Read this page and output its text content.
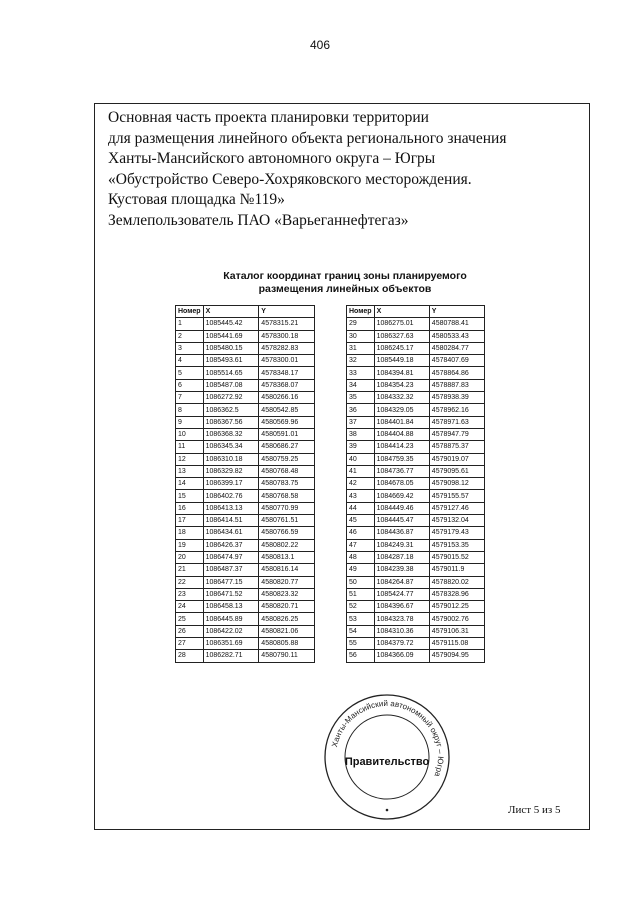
406
Основная часть проекта планировки территории
для размещения линейного объекта регионального значения
Ханты-Мансийского автономного округа – Югры
«Обустройство Северо-Хохряковского месторождения.
Кустовая площадка №119»
Землепользователь ПАО «Варьеганнефтегаз»
Каталог координат границ зоны планируемого
размещения линейных объектов
Номер	X	Y
1	1085445.42	4578315.21
2	1085441.69	4578300.18
3	1085480.15	4578282.83
4	1085493.61	4578300.01
5	1085514.65	4578348.17
6	1085487.08	4578368.07
7	1086272.92	4580266.16
8	1086362.5	4580542.85
9	1086367.56	4580569.96
10	1086368.32	4580591.01
11	1086345.34	4580686.27
12	1086310.18	4580759.25
13	1086329.82	4580768.48
14	1086399.17	4580783.75
15	1086402.76	4580768.58
16	1086413.13	4580770.99
17	1086414.51	4580761.51
18	1086434.61	4580766.59
19	1086426.37	4580802.22
20	1086474.97	4580813.1
21	1086487.37	4580816.14
22	1086477.15	4580820.77
23	1086471.52	4580823.32
24	1086458.13	4580820.71
25	1086445.89	4580826.25
26	1086422.02	4580821.06
27	1086351.69	4580805.88
28	1086282.71	4580790.11
Номер	X	Y
29	1086275.01	4580788.41
30	1086327.63	4580533.43
31	1086245.17	4580284.77
32	1085449.18	4578407.69
33	1084394.81	4578864.86
34	1084354.23	4578887.83
35	1084332.32	4578938.39
36	1084329.05	4578962.16
37	1084401.84	4578971.63
38	1084404.88	4578947.79
39	1084414.23	4578875.37
40	1084759.35	4579019.07
41	1084736.77	4579095.61
42	1084678.05	4579098.12
43	1084669.42	4579155.57
44	1084449.46	4579127.46
45	1084445.47	4579132.04
46	1084436.87	4579179.43
47	1084249.31	4579153.35
48	1084287.18	4579015.52
49	1084239.38	4579011.9
50	1084264.87	4578820.02
51	1085424.77	4578328.96
52	1084396.67	4579012.25
53	1084323.78	4579002.76
54	1084310.36	4579106.31
55	1084379.72	4579115.08
56	1084366.09	4579094.95
Ханты-Мансийский автономный округ – Югра
Правительство
Лист 5 из 5
